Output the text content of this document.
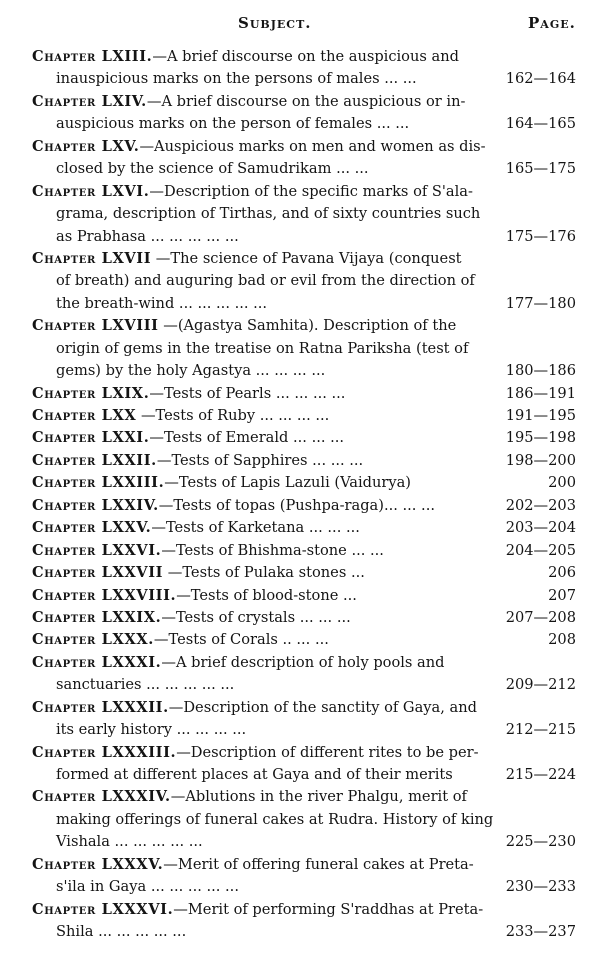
Subject.	Page.
Chapter LXIII.—A brief discourse on the auspicious and
inauspicious marks on the persons of males ... ...	162—164
Chapter LXIV.—A brief discourse on the auspicious or in-
auspicious marks on the person of females ... ...	164—165
Chapter LXV.—Auspicious marks on men and women as dis-
closed by the science of Samudrikam ... ...	165—175
Chapter LXVI.—Description of the specific marks of S'ala-
grama, description of Tirthas, and of sixty countries such
as Prabhasa ... ... ... ... ...	175—176
Chapter LXVII —The science of Pavana Vijaya (conquest
of breath) and auguring bad or evil from the direction of
the breath-wind ... ... ... ... ...	177—180
Chapter LXVIII —(Agastya Samhita). Description of the
origin of gems in the treatise on Ratna Pariksha (test of
gems) by the holy Agastya ... ... ... ...	180—186
Chapter LXIX.—Tests of Pearls ... ... ... ...	186—191
Chapter LXX —Tests of Ruby ... ... ... ...	191—195
Chapter LXXI.—Tests of Emerald ... ... ...	195—198
Chapter LXXII.—Tests of Sapphires ... ... ...	198—200
Chapter LXXIII.—Tests of Lapis Lazuli (Vaidurya)	200
Chapter LXXIV.—Tests of topas (Pushpa-raga)... ... ...	202—203
Chapter LXXV.—Tests of Karketana ... ... ...	203—204
Chapter LXXVI.—Tests of Bhishma-stone ... ...	204—205
Chapter LXXVII —Tests of Pulaka stones ...	206
Chapter LXXVIII.—Tests of blood-stone ...	207
Chapter LXXIX.—Tests of crystals ... ... ...	207—208
Chapter LXXX.—Tests of Corals .. ... ...	208
Chapter LXXXI.—A brief description of holy pools and
sanctuaries ... ... ... ... ...	209—212
Chapter LXXXII.—Description of the sanctity of Gaya, and
its early history ... ... ... ...	212—215
Chapter LXXXIII.—Description of different rites to be per-
formed at different places at Gaya and of their merits	215—224
Chapter LXXXIV.—Ablutions in the river Phalgu, merit of
making offerings of funeral cakes at Rudra. History of king
Vishala ... ... ... ... ...	225—230
Chapter LXXXV.—Merit of offering funeral cakes at Preta-
s'ila in Gaya ... ... ... ... ...	230—233
Chapter LXXXVI.—Merit of performing S'raddhas at Preta-
Shila ... ... ... ... ...	233—237
